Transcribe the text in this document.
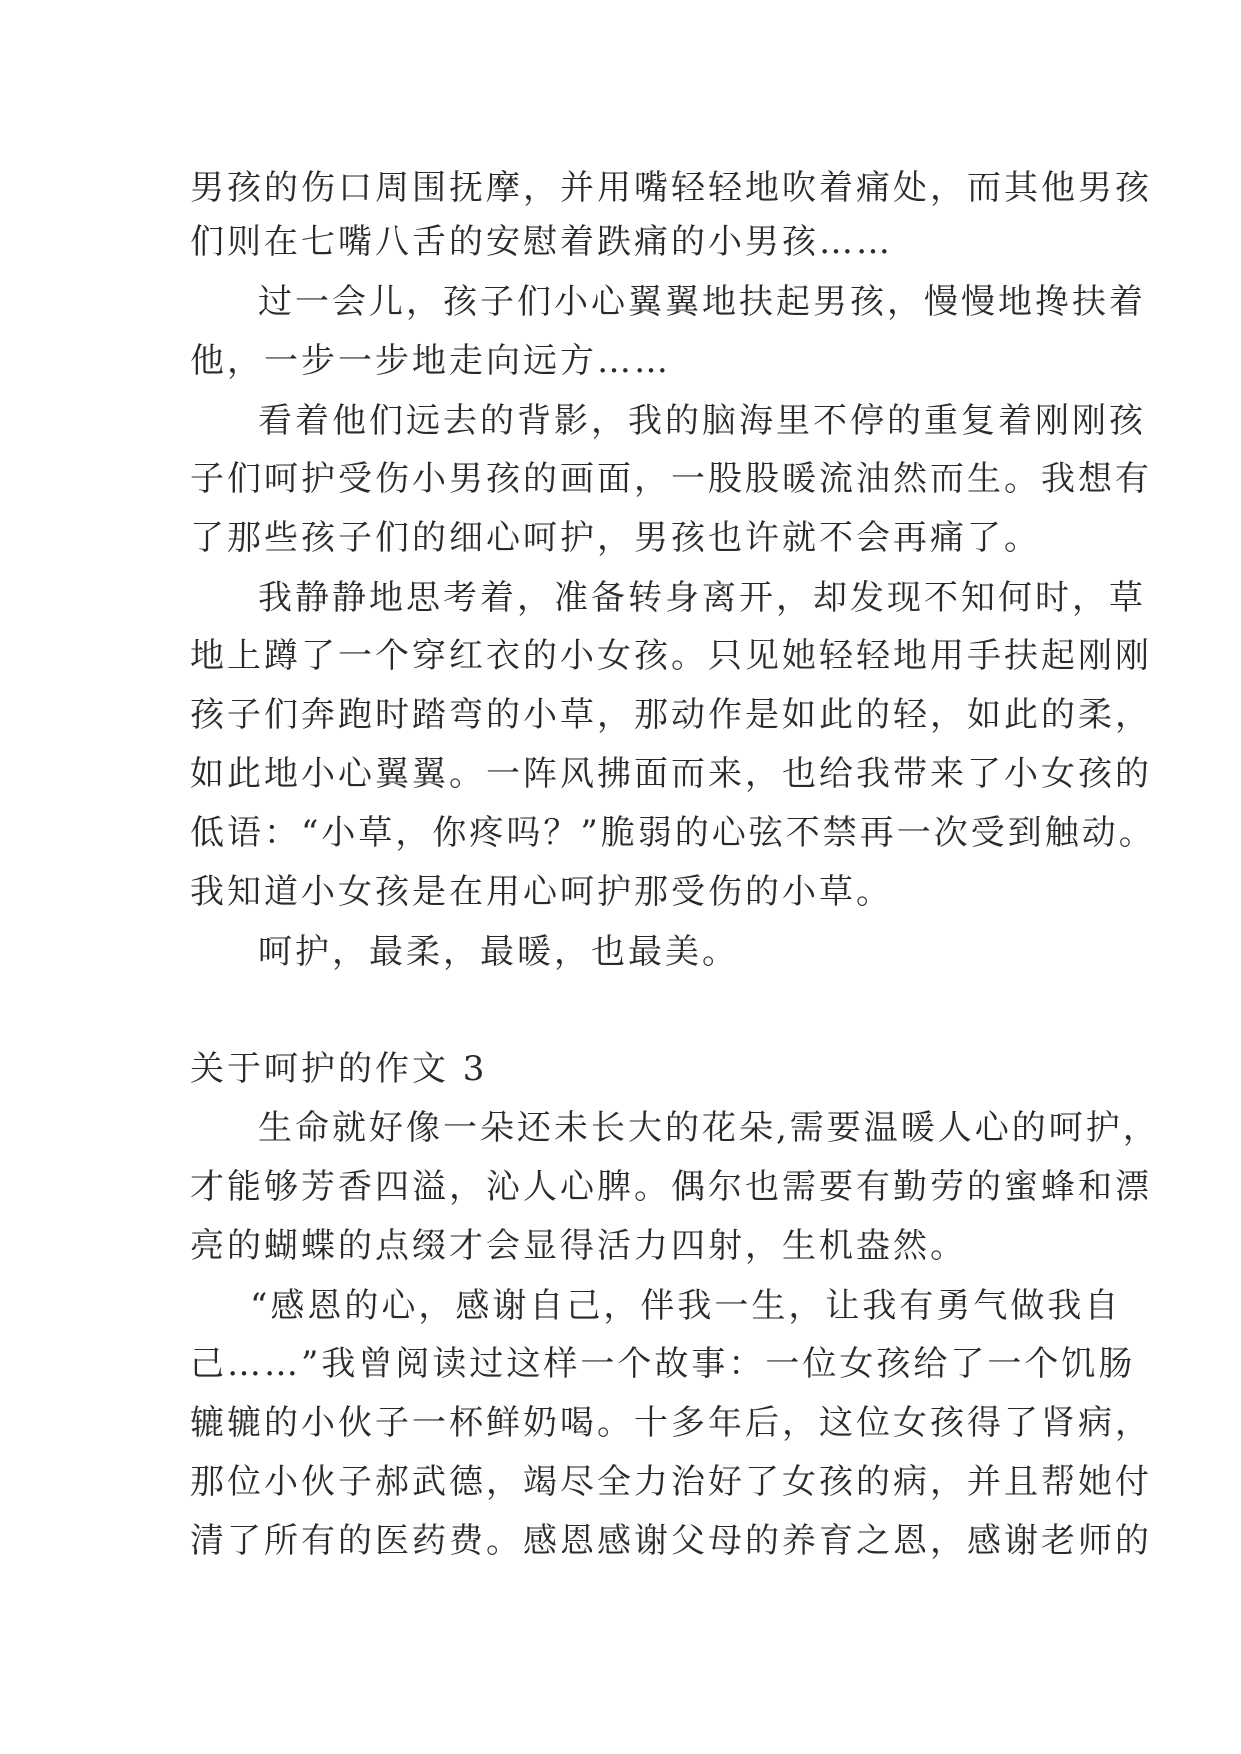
男孩的伤口周围抚摩，并用嘴轻轻地吹着痛处，而其他男孩
们则在七嘴八舌的安慰着跌痛的小男孩……
过一会儿，孩子们小心翼翼地扶起男孩，慢慢地搀扶着
他，一步一步地走向远方……
看着他们远去的背影，我的脑海里不停的重复着刚刚孩
子们呵护受伤小男孩的画面，一股股暖流油然而生。我想有
了那些孩子们的细心呵护，男孩也许就不会再痛了。
我静静地思考着，准备转身离开，却发现不知何时，草
地上蹲了一个穿红衣的小女孩。只见她轻轻地用手扶起刚刚
孩子们奔跑时踏弯的小草，那动作是如此的轻，如此的柔，
如此地小心翼翼。一阵风拂面而来，也给我带来了小女孩的
低语：“小草，你疼吗？”脆弱的心弦不禁再一次受到触动。
我知道小女孩是在用心呵护那受伤的小草。
呵护，最柔，最暖，也最美。
关于呵护的作文 3
生命就好像一朵还未长大的花朵,需要温暖人心的呵护，
才能够芳香四溢，沁人心脾。偶尔也需要有勤劳的蜜蜂和漂
亮的蝴蝶的点缀才会显得活力四射，生机盎然。
“感恩的心，感谢自己，伴我一生，让我有勇气做我自
己……”我曾阅读过这样一个故事：一位女孩给了一个饥肠
辘辘的小伙子一杯鲜奶喝。十多年后，这位女孩得了肾病，
那位小伙子郝武德，竭尽全力治好了女孩的病，并且帮她付
清了所有的医药费。感恩感谢父母的养育之恩，感谢老师的
